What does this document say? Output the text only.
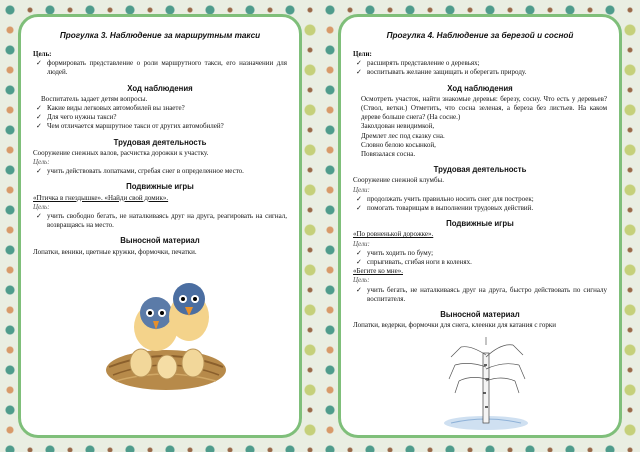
Прогулка 3. Наблюдение за маршрутным такси
Цель:
✓ формировать представление о роли маршрутного такси, его назначении для людей.
Ход наблюдения

Воспитатель задает детям вопросы.

✓ Какие виды легковых автомобилей вы знаете?
✓ Для чего нужны такси?
✓ Чем отличается маршрутное такси от других автомобилей?
Трудовая деятельность

Сооружение снежных валов, расчистка дорожки к участку.

Цель:
✓ учить действовать лопатками, сгребая снег в определенное место.
Подвижные игры

«Птичка в гнездышке». «Найди свой домик».

Цель:
✓ учить свободно бегать, не наталкиваясь друг на друга, реагировать на сигнал, возвращаясь на место.
Выносной материал

Лопатки, веники, цветные кружки, формочки, печатки.

Прогулка 4. Наблюдение за березой и сосной
Цели:
✓ расширять представление о деревьях;
✓ воспитывать желание защищать и оберегать природу.
Ход наблюдения

Осмотреть участок, найти знакомые деревья: березу, сосну. Что есть у деревьев? (Ствол, ветки.) Отметить, что сосна зеленая, а береза без листьев. На каком дереве больше снега? (На сосне.)

Заколдован невидимкой,

Дремлет лес под сказку сна.

Словно белою косынкой,

Повязалася сосна.

Трудовая деятельность

Сооружение снежной клумбы.

Цели:
✓ продолжать учить правильно носить снег для построек;
✓ помогать товарищам в выполнении трудовых действий.
Подвижные игры

«По ровненькой дорожке».

Цели:
✓ учить ходить по буму;
✓ спрыгивать, сгибая ноги в коленях.

«Бегите ко мне».

Цель:
✓ учить бегать, не наталкиваясь друг на друга, быстро действовать по сигналу воспитателя.
Выносной материал

Лопатки, ведерки, формочки для снега, клеенки для катания с горки
